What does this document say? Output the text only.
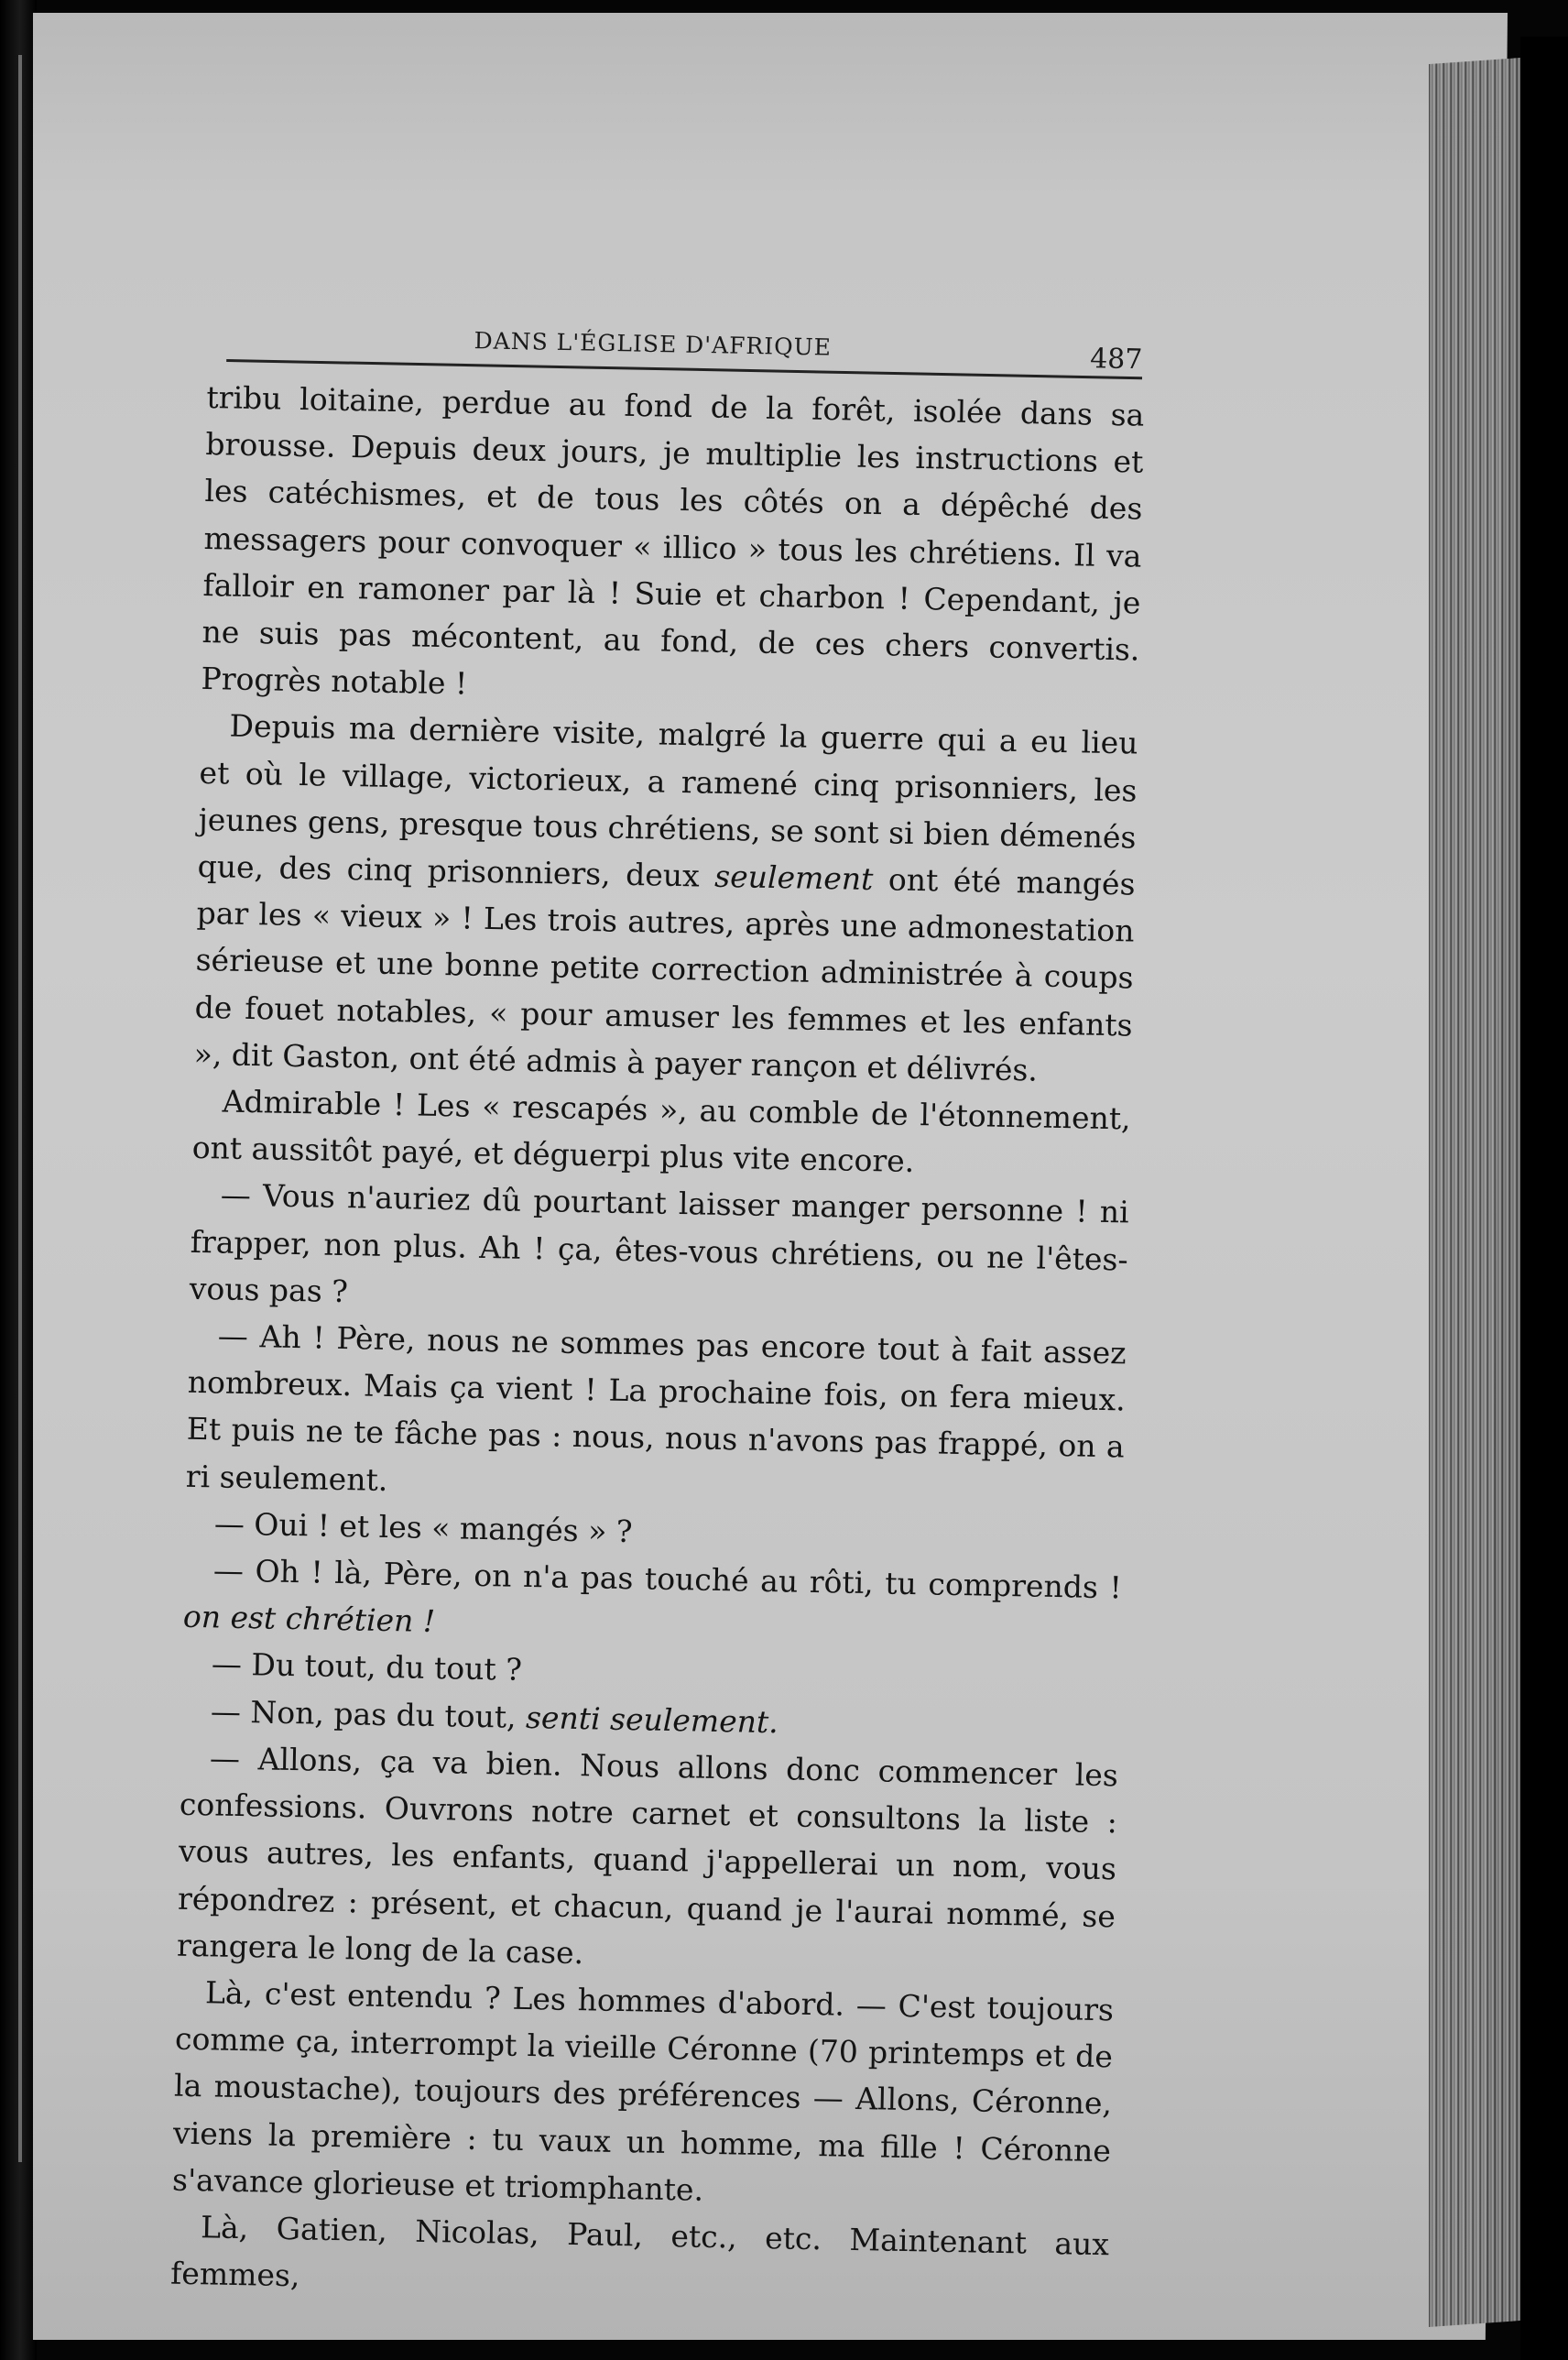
DANS L'ÉGLISE D'AFRIQUE	487

tribu loitaine, perdue au fond de la forêt, isolée dans sa brousse. Depuis deux jours, je multiplie les instructions et les catéchismes, et de tous les côtés on a dépêché des messagers pour convoquer « illico » tous les chrétiens. Il va falloir en ramoner par là ! Suie et charbon ! Cependant, je ne suis pas mécontent, au fond, de ces chers convertis. Progrès notable !

Depuis ma dernière visite, malgré la guerre qui a eu lieu et où le village, victorieux, a ramené cinq prisonniers, les jeunes gens, presque tous chrétiens, se sont si bien démenés que, des cinq prisonniers, deux seulement ont été mangés par les « vieux » ! Les trois autres, après une admonestation sérieuse et une bonne petite correction administrée à coups de fouet notables, « pour amuser les femmes et les enfants », dit Gaston, ont été admis à payer rançon et délivrés.

Admirable ! Les « rescapés », au comble de l'étonnement, ont aussitôt payé, et déguerpi plus vite encore.

— Vous n'auriez dû pourtant laisser manger personne ! ni frapper, non plus. Ah ! ça, êtes-vous chrétiens, ou ne l'êtes-vous pas ?

— Ah ! Père, nous ne sommes pas encore tout à fait assez nombreux. Mais ça vient ! La prochaine fois, on fera mieux. Et puis ne te fâche pas : nous, nous n'avons pas frappé, on a ri seulement.

— Oui ! et les « mangés » ?

— Oh ! là, Père, on n'a pas touché au rôti, tu comprends ! on est chrétien !

— Du tout, du tout ?

— Non, pas du tout, senti seulement.

— Allons, ça va bien. Nous allons donc commencer les confessions. Ouvrons notre carnet et consultons la liste : vous autres, les enfants, quand j'appellerai un nom, vous répondrez : présent, et chacun, quand je l'aurai nommé, se rangera le long de la case.

Là, c'est entendu ? Les hommes d'abord. — C'est toujours comme ça, interrompt la vieille Céronne (70 printemps et de la moustache), toujours des préférences — Allons, Céronne, viens la première : tu vaux un homme, ma fille ! Céronne s'avance glorieuse et triomphante.

Là, Gatien, Nicolas, Paul, etc., etc. Maintenant aux femmes,
